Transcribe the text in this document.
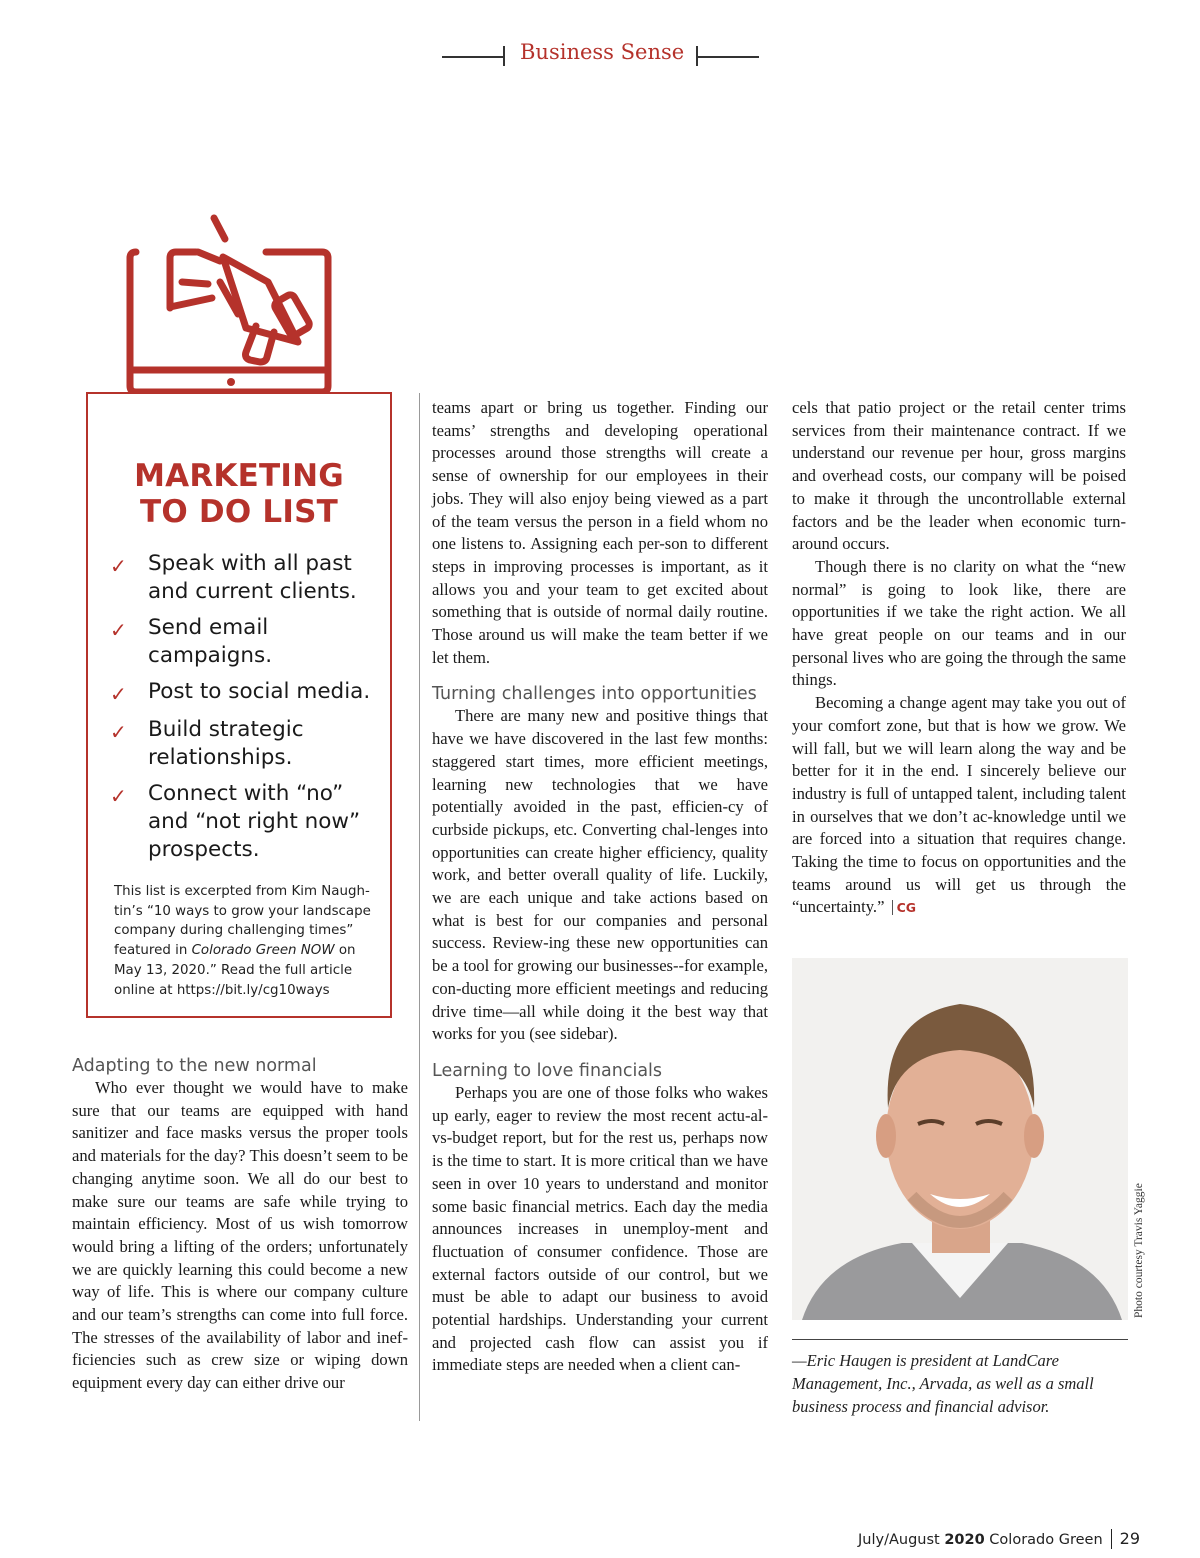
Business Sense
MARKETING
TO DO LIST
✓ Speak with all past and current clients.
✓ Send email campaigns.
✓ Post to social media.
✓ Build strategic relationships.
✓ Connect with “no” and “not right now” prospects.

This list is excerpted from Kim Naugh-tin’s “10 ways to grow your landscape company during challenging times” featured in Colorado Green NOW on May 13, 2020.” Read the full article online at https://bit.ly/cg10ways

Adapting to the new normal

Who ever thought we would have to make sure that our teams are equipped with hand sanitizer and face masks versus the proper tools and materials for the day? This doesn’t seem to be changing anytime soon. We all do our best to make sure our teams are safe while trying to maintain efficiency. Most of us wish tomorrow would bring a lifting of the orders; unfortunately we are quickly learning this could become a new way of life. This is where our company culture and our team’s strengths can come into full force. The stresses of the availability of labor and inef-ficiencies such as crew size or wiping down equipment every day can either drive our

teams apart or bring us together. Finding our teams’ strengths and developing operational processes around those strengths will create a sense of ownership for our employees in their jobs. They will also enjoy being viewed as a part of the team versus the person in a field whom no one listens to. Assigning each per-son to different steps in improving processes is important, as it allows you and your team to get excited about something that is outside of normal daily routine. Those around us will make the team better if we let them.

Turning challenges into opportunities

There are many new and positive things that have we have discovered in the last few months: staggered start times, more efficient meetings, learning new technologies that we have potentially avoided in the past, efficien-cy of curbside pickups, etc. Converting chal-lenges into opportunities can create higher efficiency, quality work, and better overall quality of life. Luckily, we are each unique and take actions based on what is best for our companies and personal success. Review-ing these new opportunities can be a tool for growing our businesses--for example, con-ducting more efficient meetings and reducing drive time—all while doing it the best way that works for you (see sidebar).

Learning to love financials

Perhaps you are one of those folks who wakes up early, eager to review the most recent actu-al-vs-budget report, but for the rest us, perhaps now is the time to start. It is more critical than we have seen in over 10 years to understand and monitor some basic financial metrics. Each day the media announces increases in unemploy-ment and fluctuation of consumer confidence. Those are external factors outside of our control, but we must be able to adapt our business to avoid potential hardships. Understanding your current and projected cash flow can assist you if immediate steps are needed when a client can-

cels that patio project or the retail center trims services from their maintenance contract. If we understand our revenue per hour, gross margins and overhead costs, our company will be poised to make it through the uncontrollable external factors and be the leader when economic turn-around occurs.

Though there is no clarity on what the “new normal” is going to look like, there are opportunities if we take the right action. We all have great people on our teams and in our personal lives who are going the through the same things.

Becoming a change agent may take you out of your comfort zone, but that is how we grow. We will fall, but we will learn along the way and be better for it in the end. I sincerely believe our industry is full of untapped talent, including talent in ourselves that we don’t ac-knowledge until we are forced into a situation that requires change. Taking the time to focus on opportunities and the teams around us will get us through the “uncertainty.” CG

Photo courtesy Travis Yaggie

—Eric Haugen is president at LandCare Management, Inc., Arvada, as well as a small business process and financial advisor.

July/August 2020 Colorado Green 29
